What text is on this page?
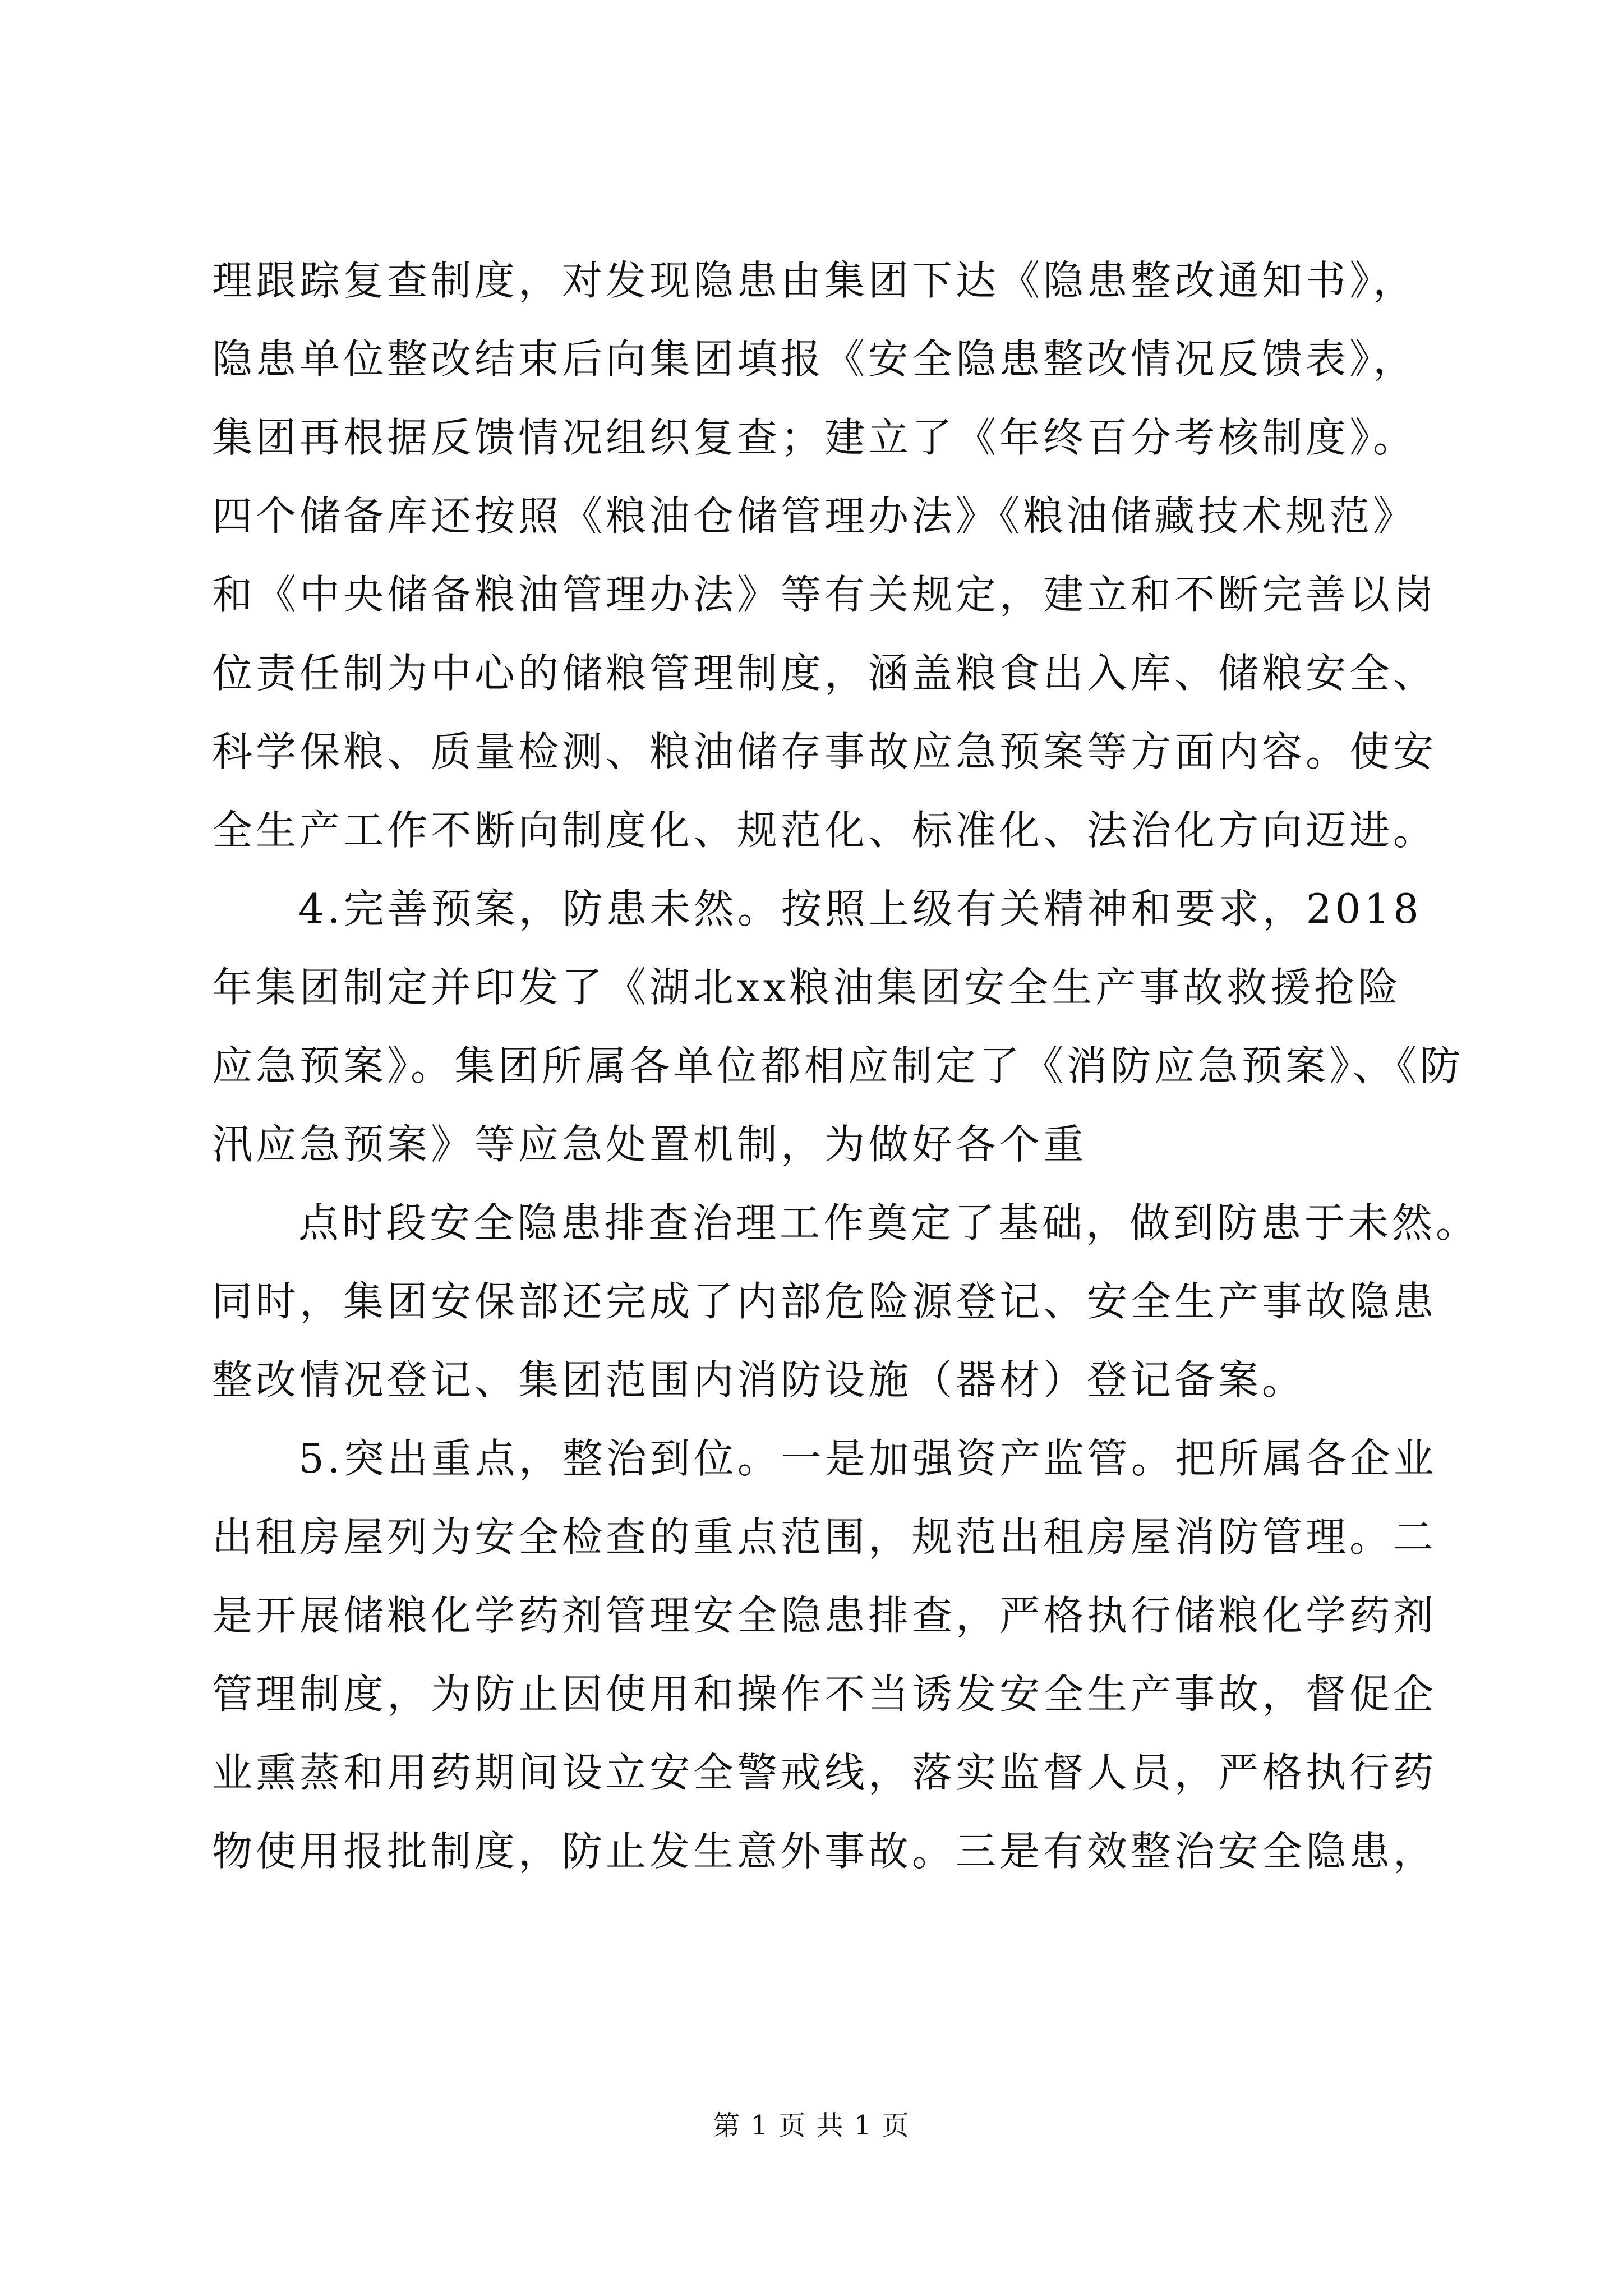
理跟踪复查制度，对发现隐患由集团下达《隐患整改通知书》，
隐患单位整改结束后向集团填报《安全隐患整改情况反馈表》，
集团再根据反馈情况组织复查；建立了《年终百分考核制度》。
四个储备库还按照《粮油仓储管理办法》《粮油储藏技术规范》
和《中央储备粮油管理办法》等有关规定，建立和不断完善以岗
位责任制为中心的储粮管理制度，涵盖粮食出入库、储粮安全、
科学保粮、质量检测、粮油储存事故应急预案等方面内容。使安
全生产工作不断向制度化、规范化、标准化、法治化方向迈进。
4.完善预案，防患未然。按照上级有关精神和要求，2018
年集团制定并印发了《湖北xx粮油集团安全生产事故救援抢险
应急预案》。集团所属各单位都相应制定了《消防应急预案》、《防
汛应急预案》等应急处置机制，为做好各个重
点时段安全隐患排查治理工作奠定了基础，做到防患于未然。
同时，集团安保部还完成了内部危险源登记、安全生产事故隐患
整改情况登记、集团范围内消防设施（器材）登记备案。
5.突出重点，整治到位。一是加强资产监管。把所属各企业
出租房屋列为安全检查的重点范围，规范出租房屋消防管理。二
是开展储粮化学药剂管理安全隐患排查，严格执行储粮化学药剂
管理制度，为防止因使用和操作不当诱发安全生产事故，督促企
业熏蒸和用药期间设立安全警戒线，落实监督人员，严格执行药
物使用报批制度，防止发生意外事故。三是有效整治安全隐患，
第 1 页 共 1 页
